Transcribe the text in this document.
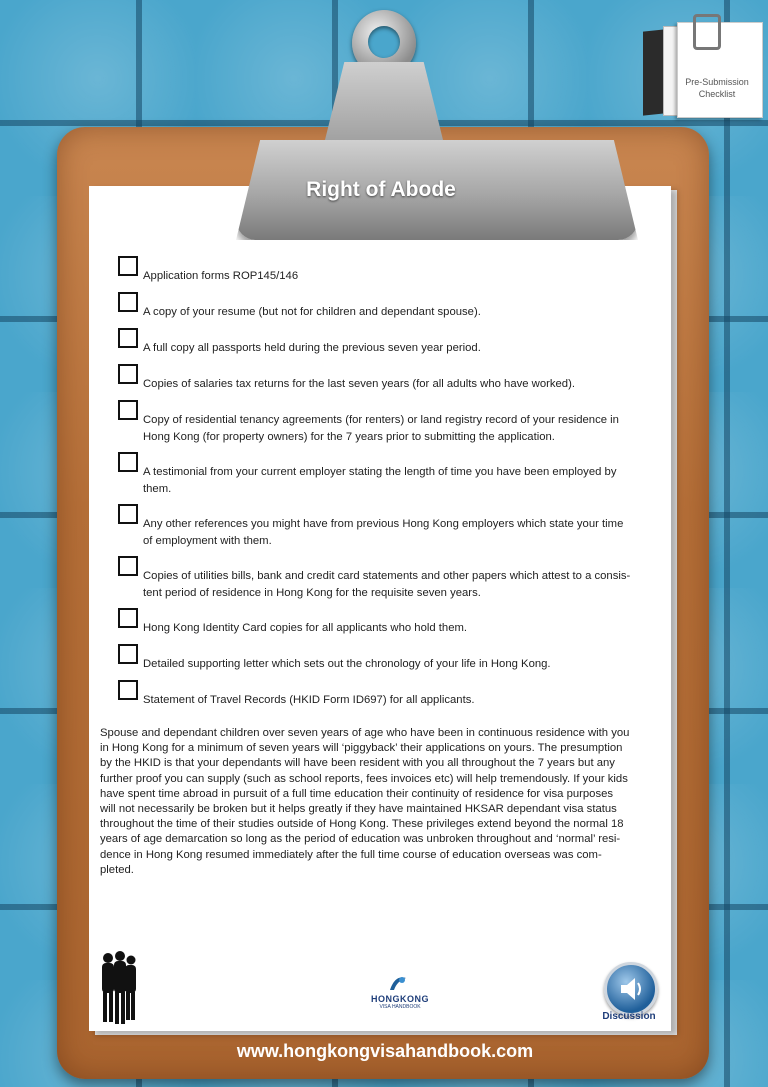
Pre-Submission
Checklist
Right of Abode
Application forms ROP145/146
A copy of your resume (but not for children and dependant spouse).
A full copy all passports held during the previous seven year period.
Copies of salaries tax returns for the last seven years (for all adults who have worked).
Copy of residential tenancy agreements (for renters) or land registry record of your residence in
Hong Kong (for property owners) for the 7 years prior to submitting the application.
A testimonial from your current employer stating the length of time you have been employed by
them.
Any other references you might have from previous Hong Kong employers which state your time
of employment with them.
Copies of utilities bills, bank and credit card statements and other papers which attest to a consis-
tent period of residence in Hong Kong for the requisite seven years.
Hong Kong Identity Card copies for all applicants who hold them.
Detailed supporting letter which sets out the chronology of your life in Hong Kong.
Statement of Travel Records (HKID Form ID697) for all applicants.
Spouse and dependant children over seven years of age who have been in continuous residence with you
in Hong Kong for a minimum of seven years will ‘piggyback’ their applications on yours. The presumption
by the HKID is that your dependants will have been resident with you all throughout the 7 years but any
further proof you can supply (such as school reports, fees invoices etc) will help tremendously. If your kids
have spent time abroad in pursuit of a full time education their continuity of residence for visa purposes
will not necessarily be broken but it helps greatly if they have maintained HKSAR dependant visa status
throughout the time of their studies outside of Hong Kong. These privileges extend beyond the normal 18
years of age demarcation so long as the period of education was unbroken throughout and ‘normal’ resi-
dence in Hong Kong resumed immediately after the full time course of education overseas was com-
pleted.
HONGKONG
VISA HANDBOOK
Discussion
www.hongkongvisahandbook.com
